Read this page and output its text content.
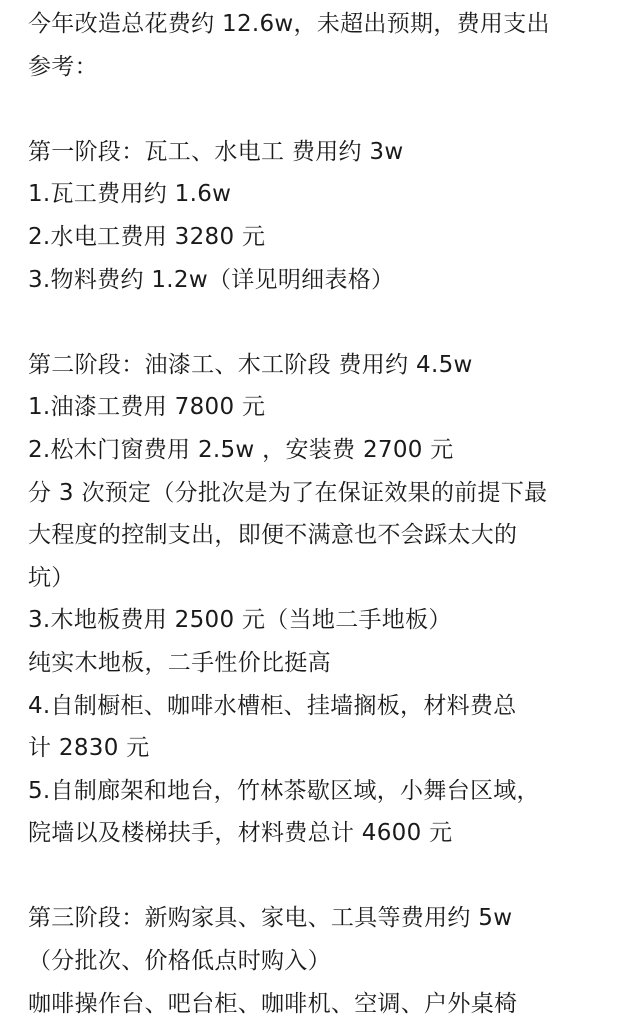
今年改造总花费约 12.6w，未超出预期，费用支出
参考：
第一阶段：瓦工、水电工 费用约 3w
1.瓦工费用约 1.6w
2.水电工费用 3280 元
3.物料费约 1.2w（详见明细表格）
第二阶段：油漆工、木工阶段 费用约 4.5w
1.油漆工费用 7800 元
2.松木门窗费用 2.5w ，安装费 2700 元
分 3 次预定（分批次是为了在保证效果的前提下最
大程度的控制支出，即便不满意也不会踩太大的
坑）
3.木地板费用 2500 元（当地二手地板）
纯实木地板，二手性价比挺高
4.自制橱柜、咖啡水槽柜、挂墙搁板，材料费总
计 2830 元
5.自制廊架和地台，竹林茶歇区域，小舞台区域，
院墙以及楼梯扶手，材料费总计 4600 元
第三阶段：新购家具、家电、工具等费用约 5w
（分批次、价格低点时购入）
咖啡操作台、吧台柜、咖啡机、空调、户外桌椅
